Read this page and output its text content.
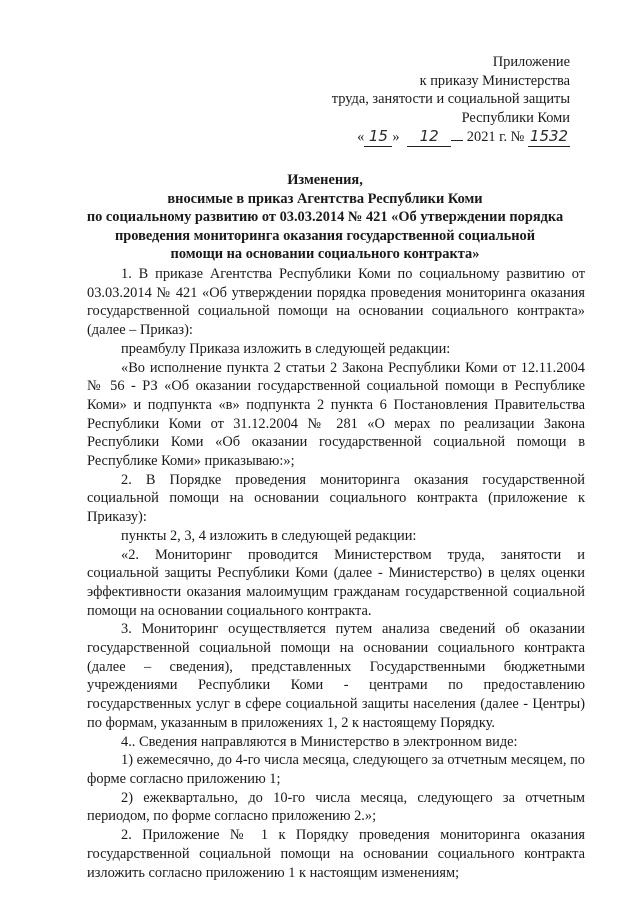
Приложение
к приказу Министерства
труда, занятости и социальной защиты
Республики Коми
« 15 » 12 2021 г. № 1532
Изменения,
вносимые в приказ Агентства Республики Коми
по социальному развитию от 03.03.2014 № 421 «Об утверждении порядка
проведения мониторинга оказания государственной социальной
помощи на основании социального контракта»

1. В приказе Агентства Республики Коми по социальному развитию от 03.03.2014 № 421 «Об утверждении порядка проведения мониторинга оказания государственной социальной помощи на основании социального контракта» (далее – Приказ):

преамбулу Приказа изложить в следующей редакции:

«Во исполнение пункта 2 статьи 2 Закона Республики Коми от 12.11.2004 № 56 - РЗ «Об оказании государственной социальной помощи в Республике Коми» и подпункта «в» подпункта 2 пункта 6 Постановления Правительства Республики Коми от 31.12.2004 № 281 «О мерах по реализации Закона Республики Коми «Об оказании государственной социальной помощи в Республике Коми» приказываю:»;

2. В Порядке проведения мониторинга оказания государственной социальной помощи на основании социального контракта (приложение к Приказу):

пункты 2, 3, 4 изложить в следующей редакции:

«2. Мониторинг проводится Министерством труда, занятости и социальной защиты Республики Коми (далее - Министерство) в целях оценки эффективности оказания малоимущим гражданам государственной социальной помощи на основании социального контракта.

3. Мониторинг осуществляется путем анализа сведений об оказании государственной социальной помощи на основании социального контракта (далее – сведения), представленных Государственными бюджетными учреждениями Республики Коми - центрами по предоставлению государственных услуг в сфере социальной защиты населения (далее - Центры) по формам, указанным в приложениях 1, 2 к настоящему Порядку.

4.. Сведения направляются в Министерство в электронном виде:

1) ежемесячно, до 4-го числа месяца, следующего за отчетным месяцем, по форме согласно приложению 1;

2) ежеквартально, до 10-го числа месяца, следующего за отчетным периодом, по форме согласно приложению 2.»;

2. Приложение № 1 к Порядку проведения мониторинга оказания государственной социальной помощи на основании социального контракта изложить согласно приложению 1 к настоящим изменениям;
